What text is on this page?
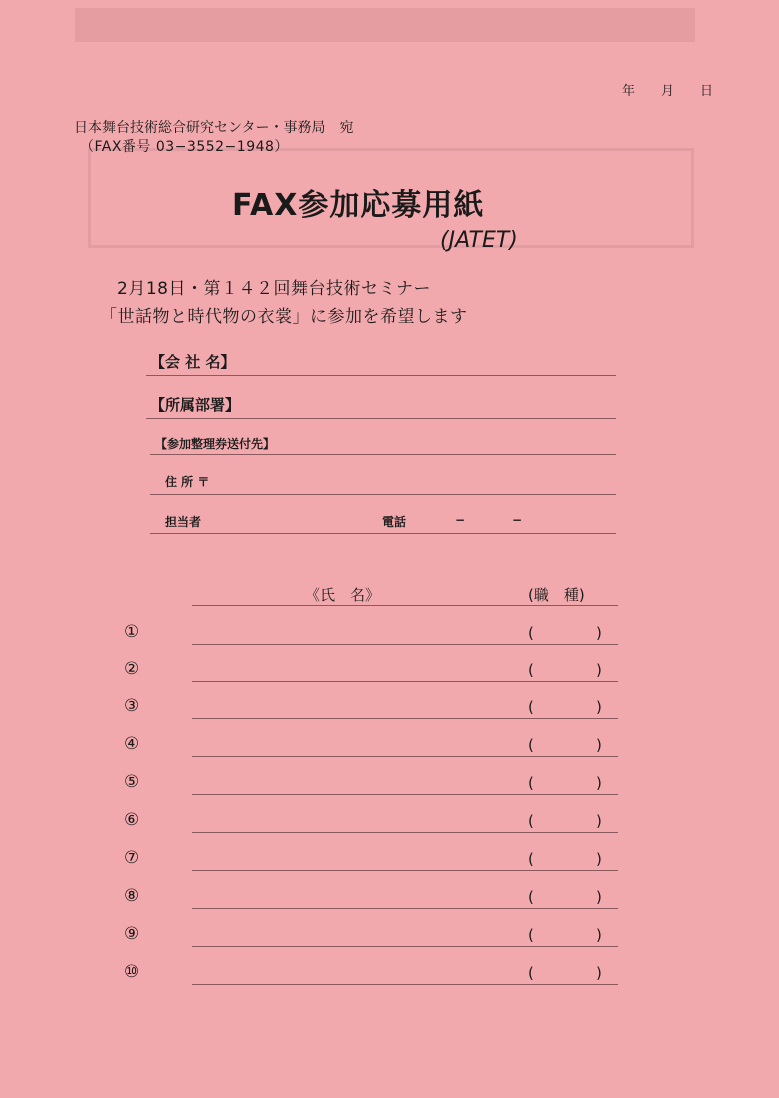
年 月 日
日本舞台技術総合研究センター・事務局　宛
（FAX番号 03−3552−1948）
FAX参加応募用紙
(JATET)
2月18日・第１４２回舞台技術セミナー
「世話物と時代物の衣裳」に参加を希望します
【会 社 名】
【所属部署】
【参加整理券送付先】
住 所 〒
担当者	電話	−	−
《氏　名》	(職　種)
①	(	)
②	(	)
③	(	)
④	(	)
⑤	(	)
⑥	(	)
⑦	(	)
⑧	(	)
⑨	(	)
⑩	(	)
